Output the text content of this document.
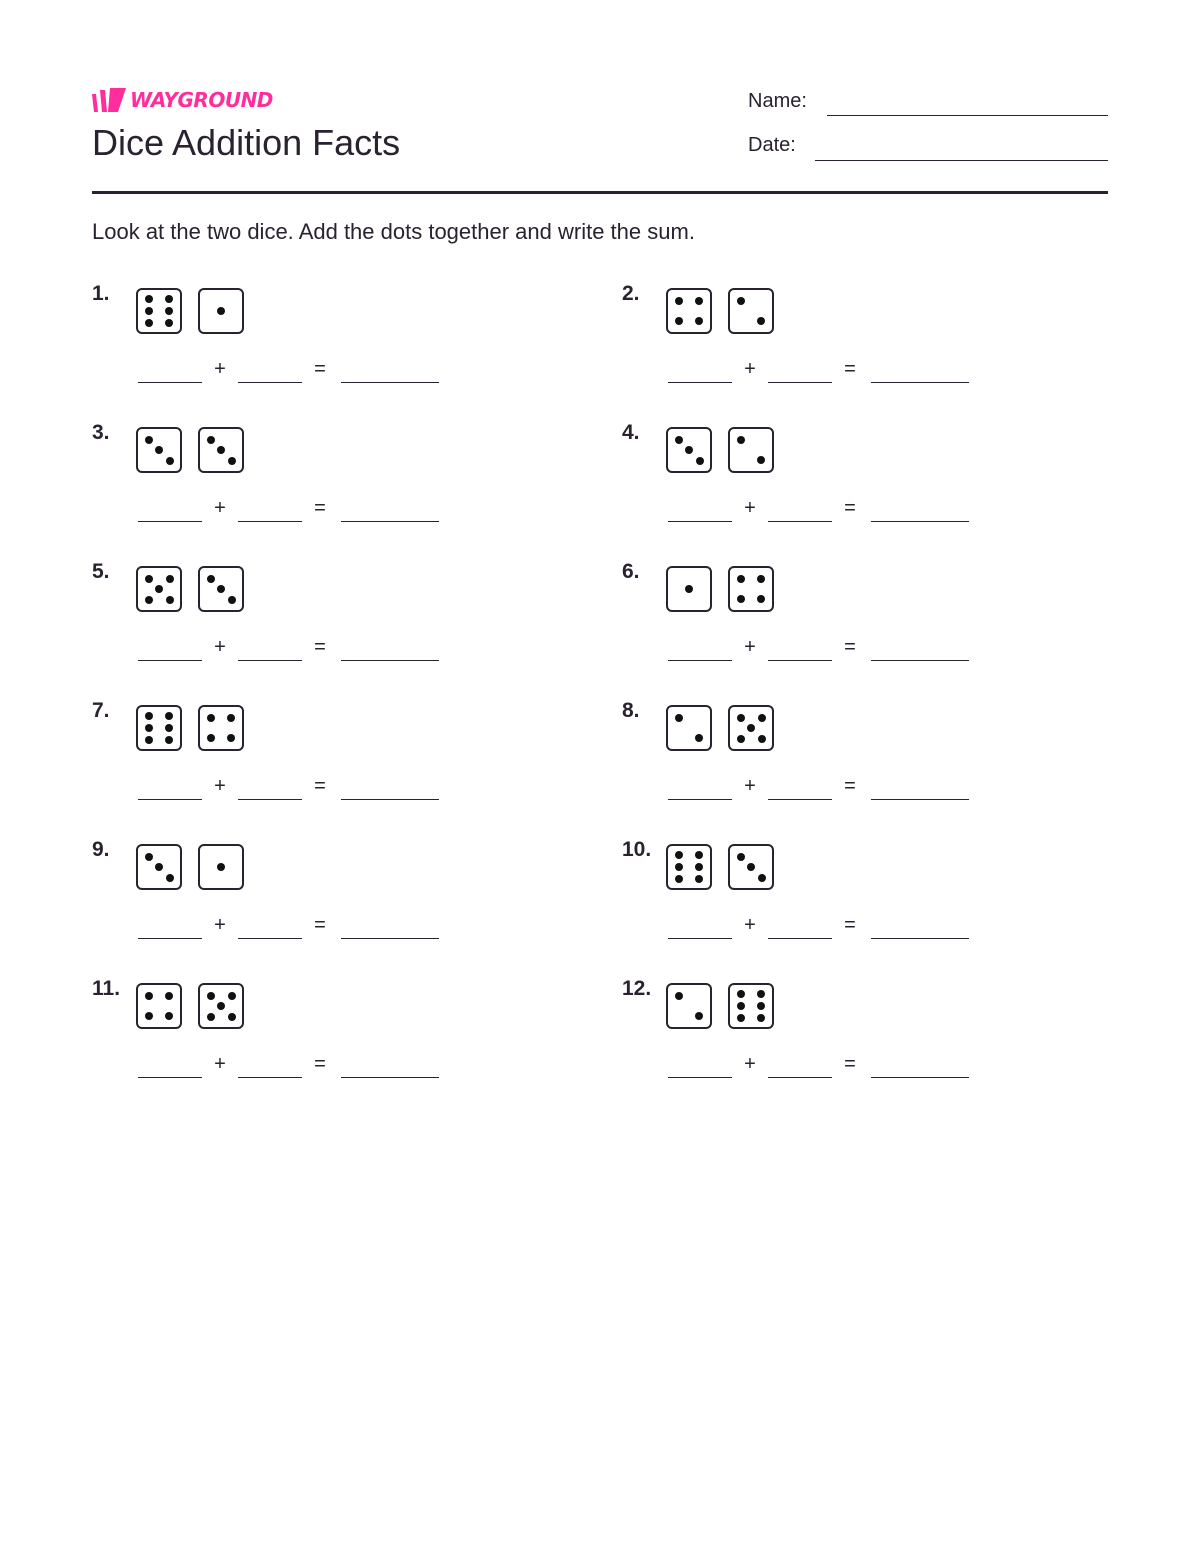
WAYGROUND
Dice Addition Facts
Name:
Date:
Look at the two dice. Add the dots together and write the sum.
1.
+	=
2.
+	=
3.
+	=
4.
+	=
5.
+	=
6.
+	=
7.
+	=
8.
+	=
9.
+	=
10.
+	=
11.
+	=
12.
+	=
